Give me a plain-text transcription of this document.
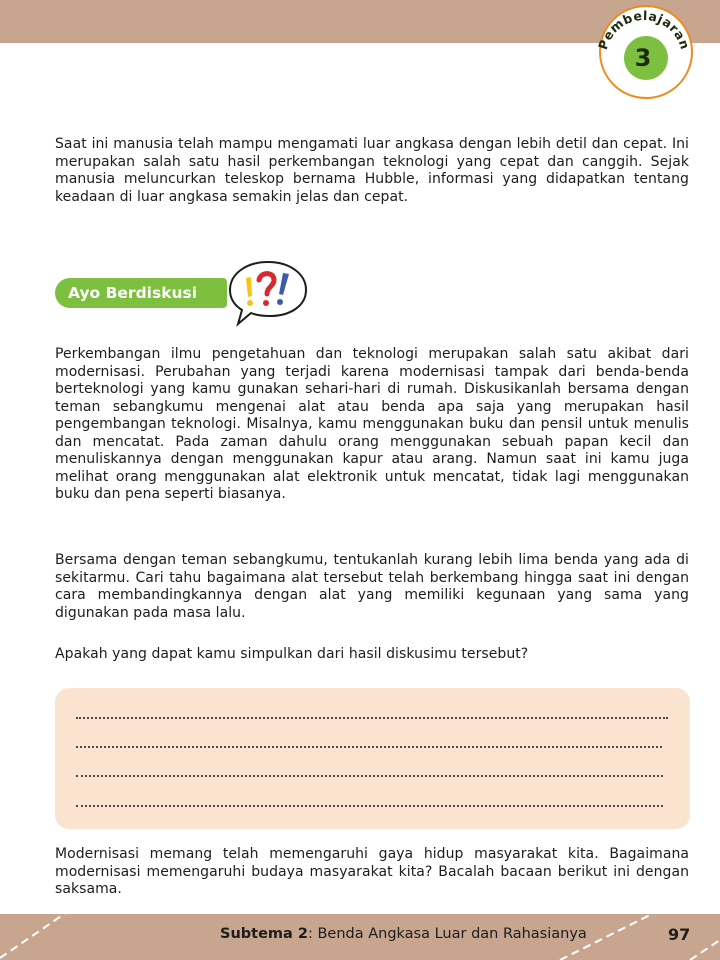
Pembelajaran
3

Saat ini manusia telah mampu mengamati luar angkasa dengan lebih detil dan cepat. Ini merupakan salah satu hasil perkembangan teknologi yang cepat dan canggih. Sejak manusia meluncurkan teleskop bernama Hubble, informasi yang didapatkan tentang keadaan di luar angkasa semakin jelas dan cepat.

Ayo Berdiskusi

Perkembangan ilmu pengetahuan dan teknologi merupakan salah satu akibat dari modernisasi. Perubahan yang terjadi karena modernisasi tampak dari benda-benda berteknologi yang kamu gunakan sehari-hari di rumah. Diskusikanlah bersama dengan teman sebangkumu mengenai alat atau benda apa saja yang merupakan hasil pengembangan teknologi. Misalnya, kamu menggunakan buku dan pensil untuk menulis dan mencatat. Pada zaman dahulu orang menggunakan sebuah papan kecil dan menuliskannya dengan menggunakan kapur atau arang. Namun saat ini kamu juga melihat orang menggunakan alat elektronik untuk mencatat, tidak lagi menggunakan buku dan pena seperti biasanya.

Bersama dengan teman sebangkumu, tentukanlah kurang lebih lima benda yang ada di sekitarmu. Cari tahu bagaimana alat tersebut telah berkembang hingga saat ini dengan cara membandingkannya dengan alat yang memiliki kegunaan yang sama yang digunakan pada masa lalu.

Apakah yang dapat kamu simpulkan dari hasil diskusimu tersebut?

Modernisasi memang telah memengaruhi gaya hidup masyarakat kita. Bagaimana modernisasi memengaruhi budaya masyarakat kita? Bacalah bacaan berikut ini dengan saksama.

Subtema 2: Benda Angkasa Luar dan Rahasianya	97
